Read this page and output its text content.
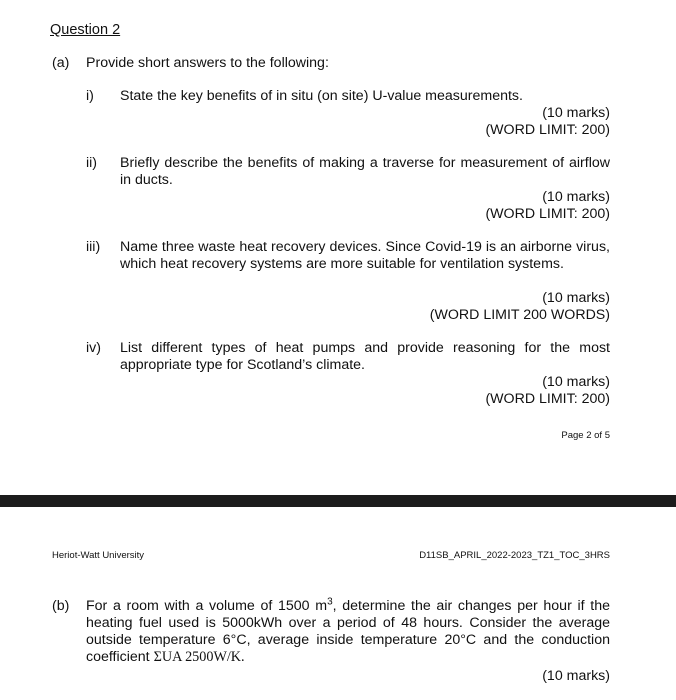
Question 2
(a) Provide short answers to the following:
i) State the key benefits of in situ (on site) U-value measurements.
(10 marks)
(WORD LIMIT: 200)
ii) Briefly describe the benefits of making a traverse for measurement of airflow in ducts.
(10 marks)
(WORD LIMIT: 200)
iii) Name three waste heat recovery devices. Since Covid-19 is an airborne virus, which heat recovery systems are more suitable for ventilation systems.
(10 marks)
(WORD LIMIT 200 WORDS)
iv) List different types of heat pumps and provide reasoning for the most appropriate type for Scotland’s climate.
(10 marks)
(WORD LIMIT: 200)
Page 2 of 5
Heriot-Watt University	D11SB_APRIL_2022-2023_TZ1_TOC_3HRS
(b) For a room with a volume of 1500 $m^3$, determine the air changes per hour if the heating fuel used is 5000kWh over a period of 48 hours. Consider the average outside temperature 6°C, average inside temperature 20°C and the conduction coefficient ΣUA 2500W/K.
(10 marks)
